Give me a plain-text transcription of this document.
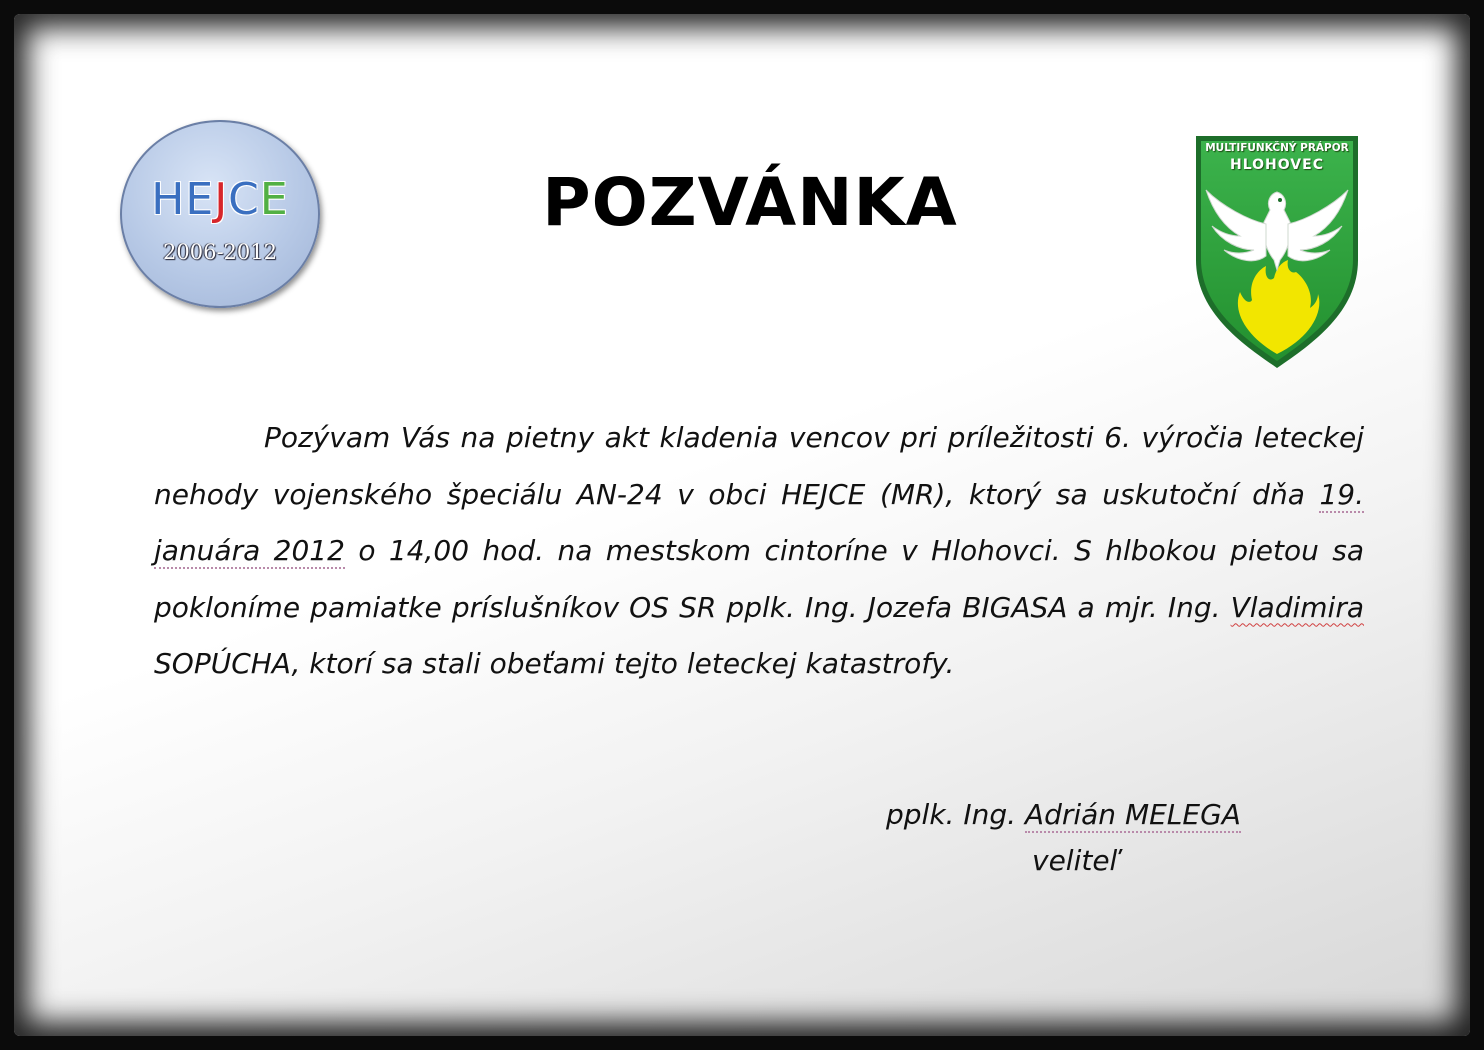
HEJCE
2006-2012
POZVÁNKA
MULTIFUNKČNÝ PRÁPOR
HLOHOVEC

Pozývam Vás na pietny akt kladenia vencov pri príležitosti 6. výročia leteckej nehody vojenského špeciálu AN-24 v obci HEJCE (MR), ktorý sa uskutoční dňa 19. januára 2012 o 14,00 hod. na mestskom cintoríne v Hlohovci. S hlbokou pietou sa pokloníme pamiatke príslušníkov OS SR pplk. Ing. Jozefa BIGASA a mjr. Ing. Vladimira SOPÚCHA, ktorí sa stali obeťami tejto leteckej katastrofy.

pplk. Ing. Adrián MELEGA
veliteľ
